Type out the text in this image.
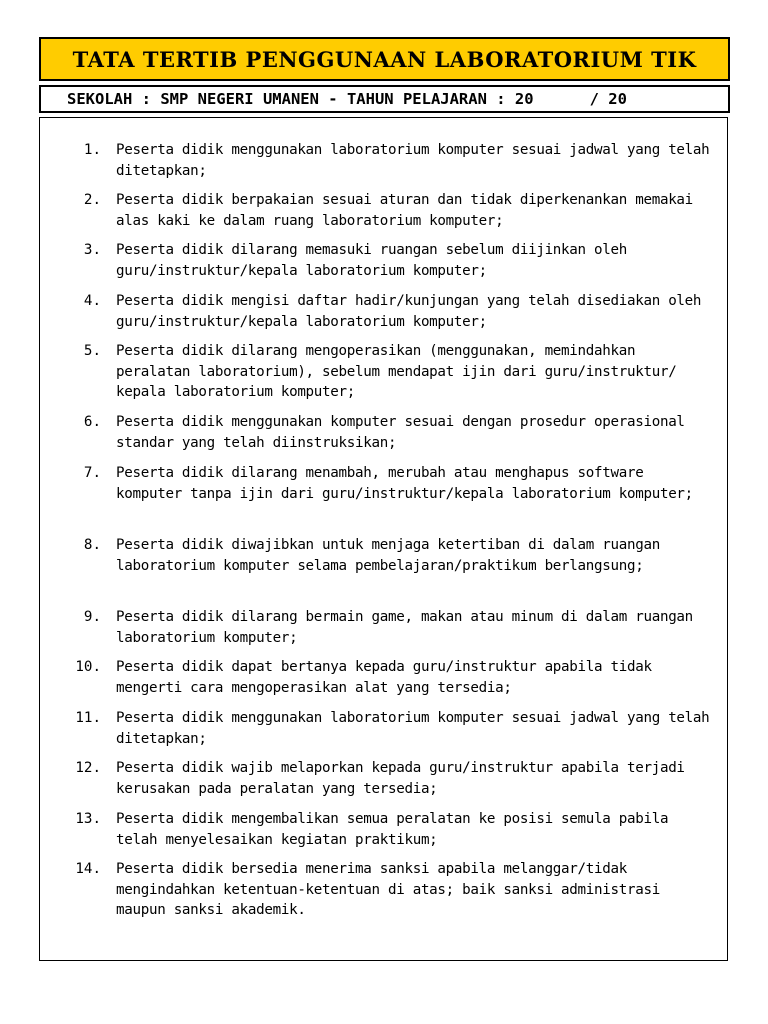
TATA TERTIB PENGGUNAAN LABORATORIUM TIK
SEKOLAH : SMP NEGERI UMANEN - TAHUN PELAJARAN : 20      / 20
1. Peserta didik menggunakan laboratorium komputer sesuai jadwal yang telah ditetapkan;
2. Peserta didik berpakaian sesuai aturan dan tidak diperkenankan memakai alas kaki ke dalam ruang laboratorium komputer;
3. Peserta didik dilarang memasuki ruangan sebelum diijinkan oleh guru/instruktur/kepala laboratorium komputer;
4. Peserta didik mengisi daftar hadir/kunjungan yang telah disediakan oleh guru/instruktur/kepala laboratorium komputer;
5. Peserta didik dilarang mengoperasikan (menggunakan, memindahkan peralatan laboratorium), sebelum mendapat ijin dari guru/instruktur/ kepala laboratorium komputer;
6. Peserta didik menggunakan komputer sesuai dengan prosedur operasional standar yang telah diinstruksikan;
7. Peserta didik dilarang menambah, merubah atau menghapus software komputer tanpa ijin dari guru/instruktur/kepala laboratorium komputer;
8. Peserta didik diwajibkan untuk menjaga ketertiban di dalam ruangan laboratorium komputer selama pembelajaran/praktikum berlangsung;
9. Peserta didik dilarang bermain game, makan atau minum di dalam ruangan laboratorium komputer;
10. Peserta didik dapat bertanya kepada guru/instruktur apabila tidak mengerti cara mengoperasikan alat yang tersedia;
11. Peserta didik menggunakan laboratorium komputer sesuai jadwal yang telah ditetapkan;
12. Peserta didik wajib melaporkan kepada guru/instruktur apabila terjadi kerusakan pada peralatan yang tersedia;
13. Peserta didik mengembalikan semua peralatan ke posisi semula pabila telah menyelesaikan kegiatan praktikum;
14. Peserta didik bersedia menerima sanksi apabila melanggar/tidak mengindahkan ketentuan-ketentuan di atas; baik sanksi administrasi maupun sanksi akademik.
